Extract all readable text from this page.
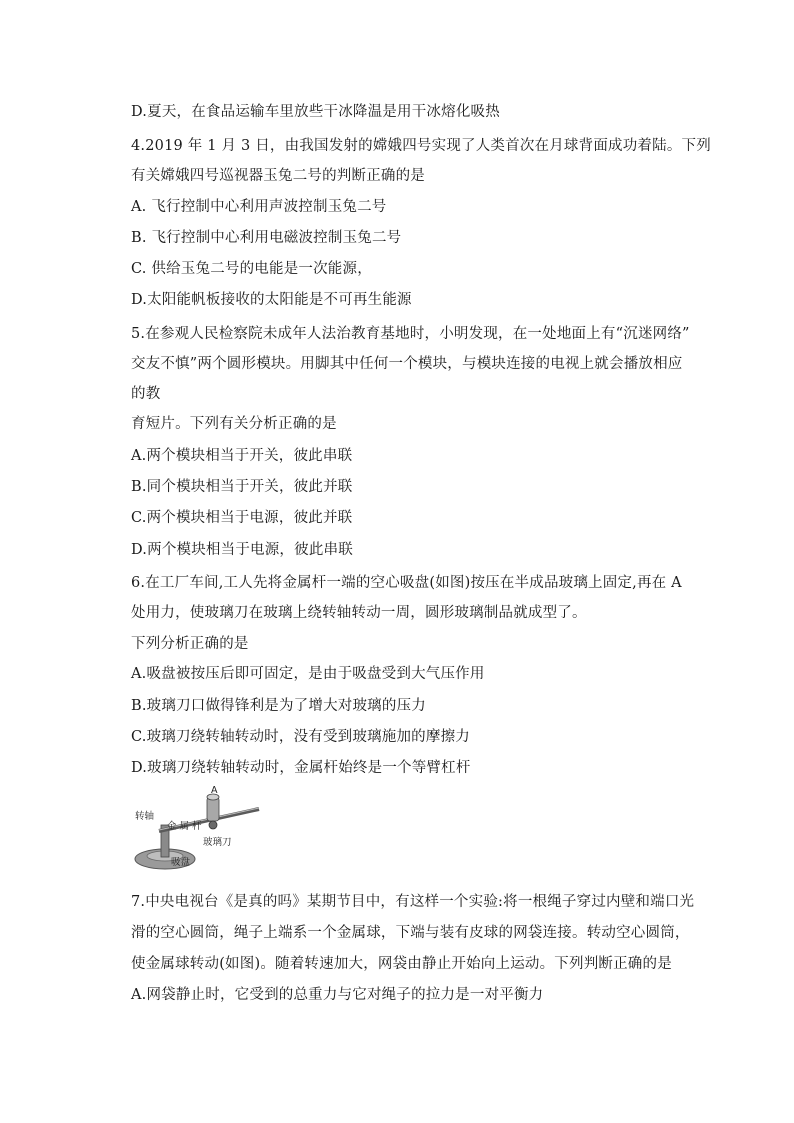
D.夏天，在食品运输车里放些干冰降温是用干冰熔化吸热
4.2019 年 1 月 3 日，由我国发射的嫦娥四号实现了人类首次在月球背面成功着陆。下列
有关嫦娥四号巡视器玉兔二号的判断正确的是
A. 飞行控制中心利用声波控制玉兔二号
B. 飞行控制中心利用电磁波控制玉兔二号
C. 供给玉兔二号的电能是一次能源，
D.太阳能帆板接收的太阳能是不可再生能源
5.在参观人民检察院未成年人法治教育基地时，小明发现，在一处地面上有“沉迷网络”
交友不慎”两个圆形模块。用脚其中任何一个模块，与模块连接的电视上就会播放相应
的教
育短片。下列有关分析正确的是
A.两个模块相当于开关，彼此串联
B.同个模块相当于开关，彼此并联
C.两个模块相当于电源，彼此并联
D.两个模块相当于电源，彼此串联
6.在工厂车间,工人先将金属杆一端的空心吸盘(如图)按压在半成品玻璃上固定,再在 A
处用力，使玻璃刀在玻璃上绕转轴转动一周，圆形玻璃制品就成型了。
下列分析正确的是
A.吸盘被按压后即可固定，是由于吸盘受到大气压作用
B.玻璃刀口做得锋利是为了增大对玻璃的压力
C.玻璃刀绕转轴转动时，没有受到玻璃施加的摩擦力
D.玻璃刀绕转轴转动时，金属杆始终是一个等臂杠杆
A
转轴
金 属 杆
玻璃刀
吸盘
7.中央电视台《是真的吗》某期节目中，有这样一个实验:将一根绳子穿过内壁和端口光
滑的空心圆筒，绳子上端系一个金属球，下端与装有皮球的网袋连接。转动空心圆筒，
使金属球转动(如图)。随着转速加大，网袋由静止开始向上运动。下列判断正确的是
A.网袋静止时，它受到的总重力与它对绳子的拉力是一对平衡力
